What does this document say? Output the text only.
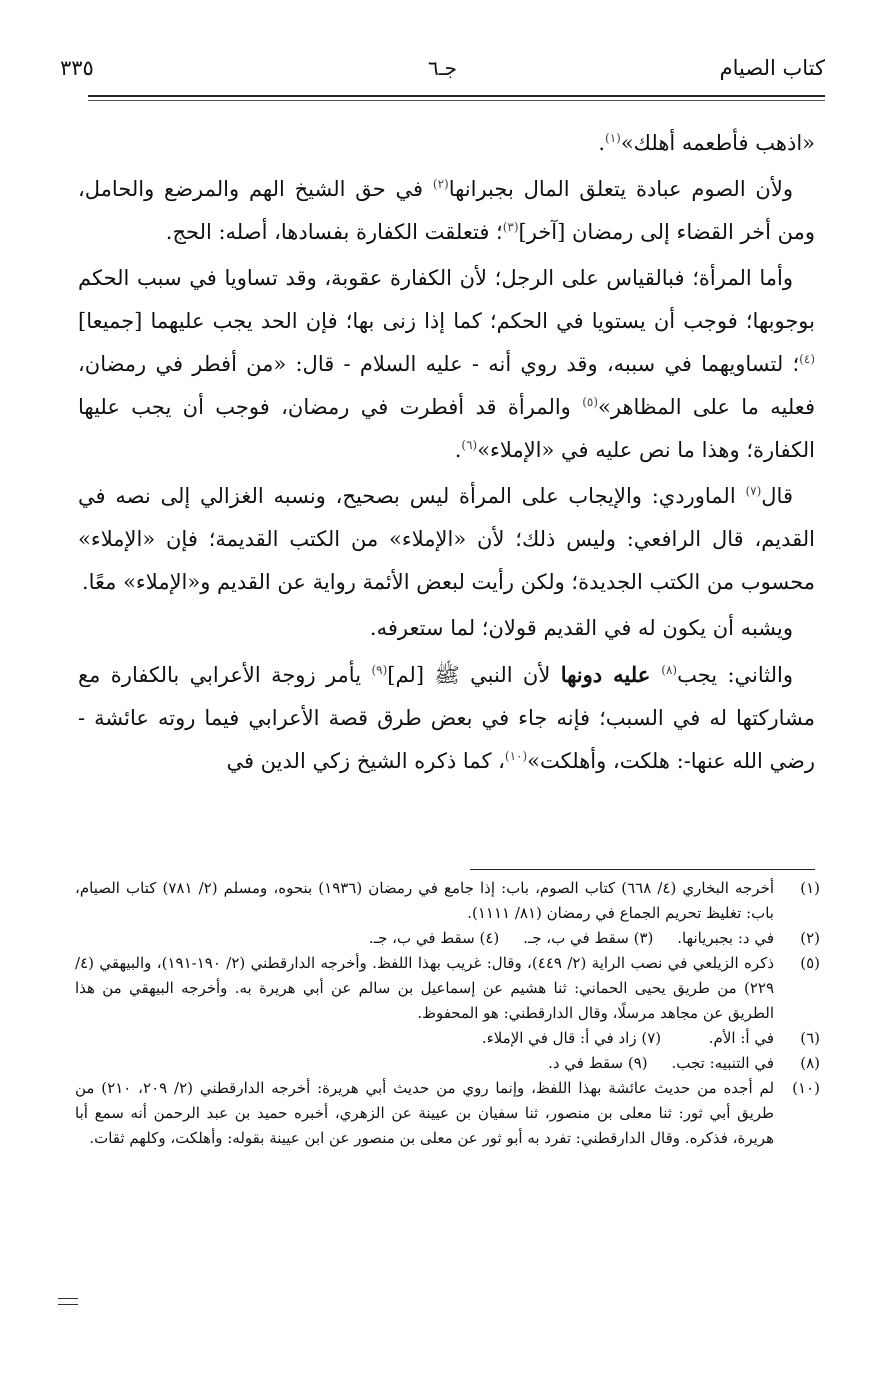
كتاب الصيام
جـ٦
٣٣٥

«اذهب فأطعمه أهلك»$^{(١)}$.

ولأن الصوم عبادة يتعلق المال بجبرانها$^{(٢)}$ في حق الشيخ الهم والمرضع والحامل، ومن أخر القضاء إلى رمضان [آخر]$^{(٣)}$؛ فتعلقت الكفارة بفسادها، أصله: الحج.

وأما المرأة؛ فبالقياس على الرجل؛ لأن الكفارة عقوبة، وقد تساويا في سبب الحكم بوجوبها؛ فوجب أن يستويا في الحكم؛ كما إذا زنى بها؛ فإن الحد يجب عليهما [جميعا]$^{(٤)}$؛ لتساويهما في سببه، وقد روي أنه - عليه السلام - قال: «من أفطر في رمضان، فعليه ما على المظاهر»$^{(٥)}$ والمرأة قد أفطرت في رمضان، فوجب أن يجب عليها الكفارة؛ وهذا ما نص عليه في «الإملاء»$^{(٦)}$.

قال$^{(٧)}$ الماوردي: والإيجاب على المرأة ليس بصحيح، ونسبه الغزالي إلى نصه في القديم، قال الرافعي: وليس ذلك؛ لأن «الإملاء» من الكتب القديمة؛ فإن «الإملاء» محسوب من الكتب الجديدة؛ ولكن رأيت لبعض الأئمة رواية عن القديم و«الإملاء» معًا.

ويشبه أن يكون له في القديم قولان؛ لما ستعرفه.

والثاني: يجب$^{(٨)}$ عليه دونها لأن النبي ﷺ [لم]$^{(٩)}$ يأمر زوجة الأعرابي بالكفارة مع مشاركتها له في السبب؛ فإنه جاء في بعض طرق قصة الأعرابي فيما روته عائشة - رضي الله عنها-: هلكت، وأهلكت»$^{(١٠)}$، كما ذكره الشيخ زكي الدين في

(١)
أخرجه البخاري (٤/ ٦٦٨) كتاب الصوم، باب: إذا جامع في رمضان (١٩٣٦) بنحوه، ومسلم (٢/ ٧٨١) كتاب الصيام، باب: تغليظ تحريم الجماع في رمضان (٨١/ ١١١١).
(٢)
في د: بجبريانها.     (٣) سقط في ب، جـ.     (٤) سقط في ب، جـ.
(٥)
ذكره الزيلعي في نصب الراية (٢/ ٤٤٩)، وقال: غريب بهذا اللفظ. وأخرجه الدارقطني (٢/ ١٩٠-١٩١)، والبيهقي (٤/ ٢٢٩) من طريق يحيى الحماني: ثنا هشيم عن إسماعيل بن سالم عن أبي هريرة به. وأخرجه البيهقي من هذا الطريق عن مجاهد مرسلًا، وقال الدارقطني: هو المحفوظ.
(٦)
في أ: الأم.          (٧) زاد في أ: قال في الإملاء.
(٨)
في التنبيه: تجب.     (٩) سقط في د.
(١٠)
لم أجده من حديث عائشة بهذا اللفظ، وإنما روي من حديث أبي هريرة: أخرجه الدارقطني (٢/ ٢٠٩، ٢١٠) من طريق أبي ثور: ثنا معلى بن منصور، ثنا سفيان بن عيينة عن الزهري، أخبره حميد بن عبد الرحمن أنه سمع أبا هريرة، فذكره. وقال الدارقطني: تفرد به أبو ثور عن معلى بن منصور عن ابن عيينة بقوله: وأهلكت، وكلهم ثقات.
